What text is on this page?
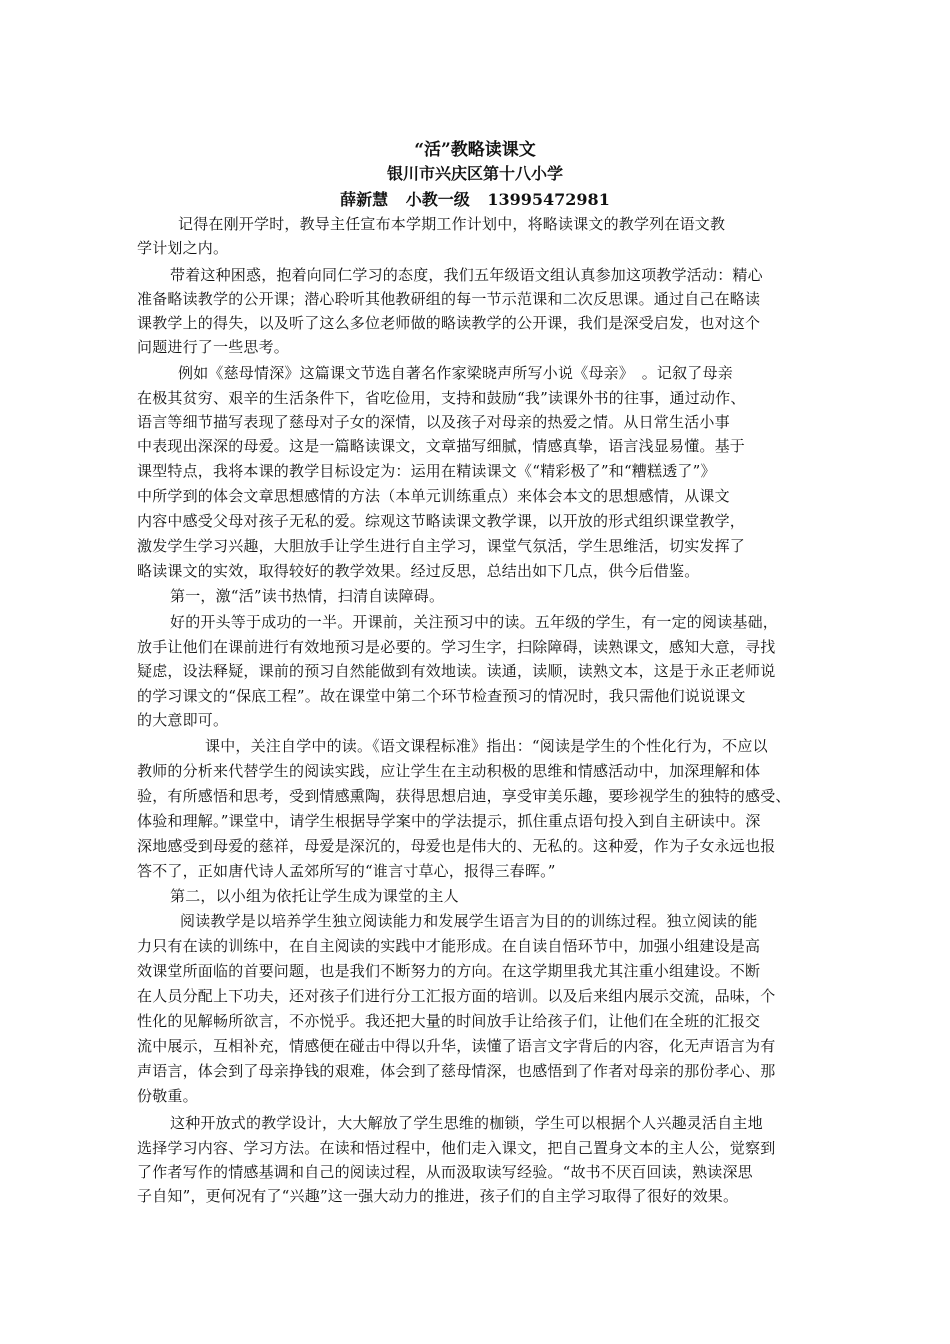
“活”教略读课文
银川市兴庆区第十八小学
薛新慧 小教一级 13995472981
记得在刚开学时，教导主任宣布本学期工作计划中，将略读课文的教学列在语文教
学计划之内。
带着这种困惑，抱着向同仁学习的态度，我们五年级语文组认真参加这项教学活动：精心
准备略读教学的公开课；潜心聆听其他教研组的每一节示范课和二次反思课。通过自己在略读
课教学上的得失，以及听了这么多位老师做的略读教学的公开课，我们是深受启发，也对这个
问题进行了一些思考。
例如《慈母情深》这篇课文节选自著名作家梁晓声所写小说《母亲》　。记叙了母亲
在极其贫穷、艰辛的生活条件下，省吃俭用，支持和鼓励“我”读课外书的往事，通过动作、
语言等细节描写表现了慈母对子女的深情，以及孩子对母亲的热爱之情。从日常生活小事
中表现出深深的母爱。这是一篇略读课文，文章描写细腻，情感真挚，语言浅显易懂。基于
课型特点，我将本课的教学目标设定为：运用在精读课文《“精彩极了”和“糟糕透了”》
中所学到的体会文章思想感情的方法（本单元训练重点）来体会本文的思想感情，从课文
内容中感受父母对孩子无私的爱。综观这节略读课文教学课，以开放的形式组织课堂教学，
激发学生学习兴趣，大胆放手让学生进行自主学习，课堂气氛活，学生思维活，切实发挥了
略读课文的实效，取得较好的教学效果。经过反思，总结出如下几点，供今后借鉴。
第一，激“活”读书热情，扫清自读障碍。
好的开头等于成功的一半。开课前，关注预习中的读。五年级的学生，有一定的阅读基础，
放手让他们在课前进行有效地预习是必要的。学习生字，扫除障碍，读熟课文，感知大意，寻找
疑虑，设法释疑，课前的预习自然能做到有效地读。读通，读顺，读熟文本，这是于永正老师说
的学习课文的“保底工程”。故在课堂中第二个环节检查预习的情况时，我只需他们说说课文
的大意即可。
课中，关注自学中的读。《语文课程标准》指出：“阅读是学生的个性化行为，不应以
教师的分析来代替学生的阅读实践，应让学生在主动积极的思维和情感活动中，加深理解和体
验，有所感悟和思考，受到情感熏陶，获得思想启迪，享受审美乐趣，要珍视学生的独特的感受、
体验和理解。”课堂中，请学生根据导学案中的学法提示，抓住重点语句投入到自主研读中。深
深地感受到母爱的慈祥，母爱是深沉的，母爱也是伟大的、无私的。这种爱，作为子女永远也报
答不了，正如唐代诗人孟郊所写的“谁言寸草心，报得三春晖。”
第二，以小组为依托让学生成为课堂的主人
阅读教学是以培养学生独立阅读能力和发展学生语言为目的的训练过程。独立阅读的能
力只有在读的训练中，在自主阅读的实践中才能形成。在自读自悟环节中，加强小组建设是高
效课堂所面临的首要问题，也是我们不断努力的方向。在这学期里我尤其注重小组建设。不断
在人员分配上下功夫，还对孩子们进行分工汇报方面的培训。以及后来组内展示交流，品味，个
性化的见解畅所欲言，不亦悦乎。我还把大量的时间放手让给孩子们，让他们在全班的汇报交
流中展示，互相补充，情感便在碰击中得以升华，读懂了语言文字背后的内容，化无声语言为有
声语言，体会到了母亲挣钱的艰难，体会到了慈母情深，也感悟到了作者对母亲的那份孝心、那
份敬重。
这种开放式的教学设计，大大解放了学生思维的枷锁，学生可以根据个人兴趣灵活自主地
选择学习内容、学习方法。在读和悟过程中，他们走入课文，把自己置身文本的主人公，觉察到
了作者写作的情感基调和自己的阅读过程，从而汲取读写经验。“故书不厌百回读，熟读深思
子自知”，更何况有了“兴趣”这一强大动力的推进，孩子们的自主学习取得了很好的效果。
